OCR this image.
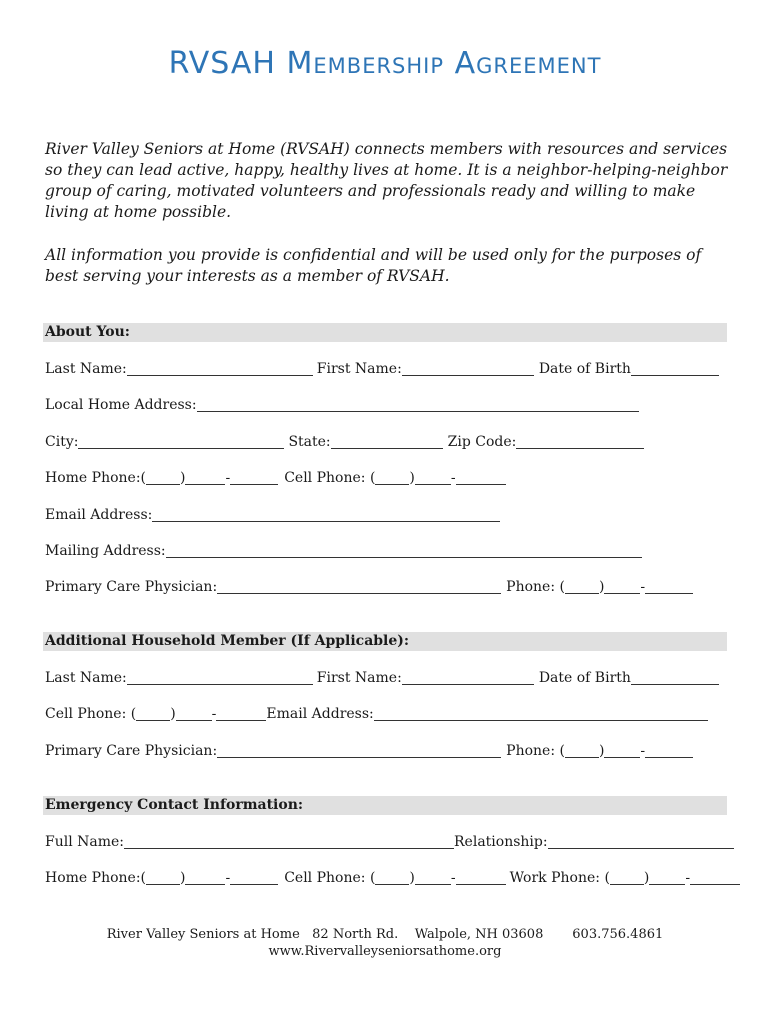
RVSAH Membership Agreement

River Valley Seniors at Home (RVSAH) connects members with resources and services so they can lead active, happy, healthy lives at home. It is a neighbor-helping-neighbor group of caring, motivated volunteers and professionals ready and willing to make living at home possible.

All information you provide is confidential and will be used only for the purposes of best serving your interests as a member of RVSAH.

About You:
Last Name:	First Name:	Date of Birth
Local Home Address:
City:	State:	Zip Code:
Home Phone:( )	-	Cell Phone: ( )	-
Email Address:
Mailing Address:
Primary Care Physician:	Phone: ( )	-
Additional Household Member (If Applicable):
Last Name:	First Name:	Date of Birth
Cell Phone: ( )	-	Email Address:
Primary Care Physician:	Phone: ( )	-
Emergency Contact Information:
Full Name:	Relationship:
Home Phone:( )	-	Cell Phone: ( )	-	Work Phone: ( )	-
River Valley Seniors at Home   82 North Rd.    Walpole, NH 03608       603.756.4861
www.Rivervalleyseniorsathome.org
